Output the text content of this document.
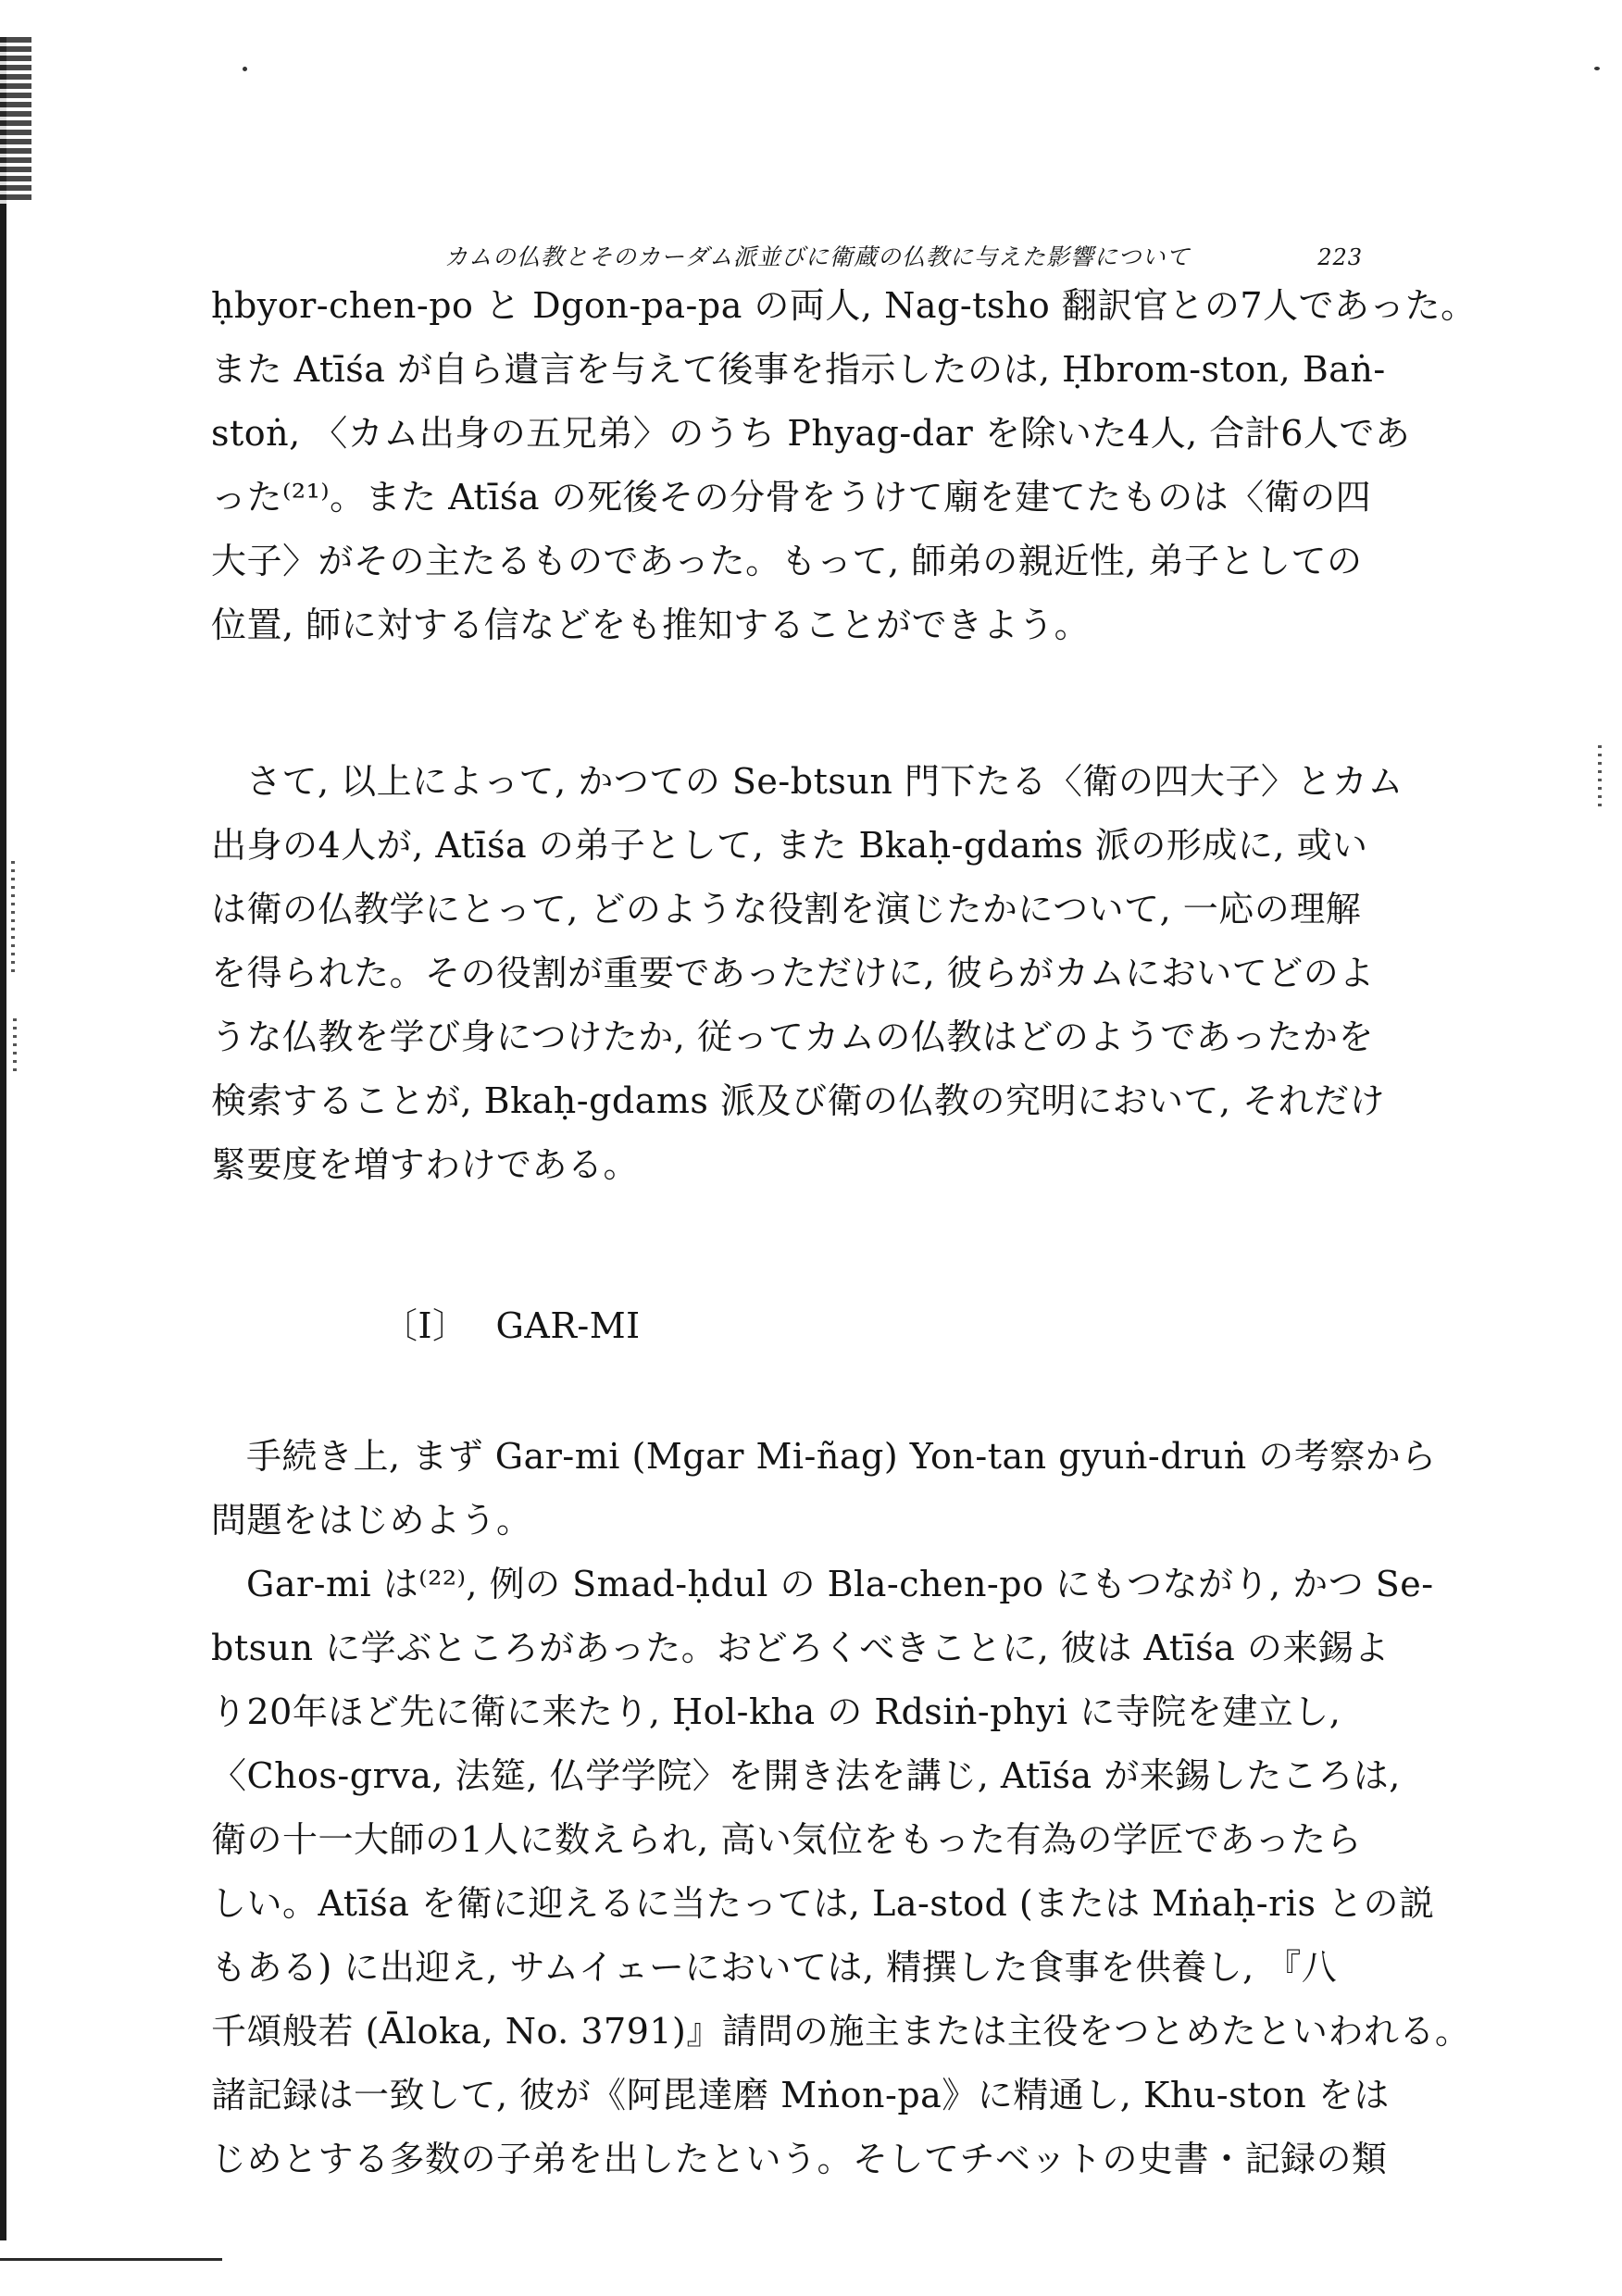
カムの仏教とそのカーダム派並びに衛蔵の仏教に与えた影響について	223

ḥbyor-chen-po と Dgon-pa-pa の両人, Nag-tsho 翻訳官との7人であった。

また Atīśa が自ら遺言を与えて後事を指示したのは, Ḥbrom-ston, Baṅ-

stoṅ, 〈カム出身の五兄弟〉のうち Phyag-dar を除いた4人, 合計6人であ

った⁽²¹⁾。また Atīśa の死後その分骨をうけて廟を建てたものは〈衛の四

大子〉がその主たるものであった。もって, 師弟の親近性, 弟子としての

位置, 師に対する信などをも推知することができよう。

さて, 以上によって, かつての Se-btsun 門下たる〈衛の四大子〉とカム

出身の4人が, Atīśa の弟子として, また Bkaḥ-gdaṁs 派の形成に, 或い

は衛の仏教学にとって, どのような役割を演じたかについて, 一応の理解

を得られた。その役割が重要であっただけに, 彼らがカムにおいてどのよ

うな仏教を学び身につけたか, 従ってカムの仏教はどのようであったかを

検索することが, Bkaḥ-gdams 派及び衛の仏教の究明において, それだけ

緊要度を増すわけである。

〔I〕 GAR-MI

手続き上, まず Gar-mi (Mgar Mi-ñag) Yon-tan gyuṅ-druṅ の考察から

問題をはじめよう。

Gar-mi は⁽²²⁾, 例の Smad-ḥdul の Bla-chen-po にもつながり, かつ Se-

btsun に学ぶところがあった。おどろくべきことに, 彼は Atīśa の来錫よ

り20年ほど先に衛に来たり, Ḥol-kha の Rdsiṅ-phyi に寺院を建立し,

〈Chos-grva, 法筵, 仏学学院〉を開き法を講じ, Atīśa が来錫したころは,

衛の十一大師の1人に数えられ, 高い気位をもった有為の学匠であったら

しい。Atīśa を衛に迎えるに当たっては, La-stod (または Mṅaḥ-ris との説

もある) に出迎え, サムイェーにおいては, 精撰した食事を供養し, 『八

千頌般若 (Āloka, No. 3791)』請問の施主または主役をつとめたといわれる。

諸記録は一致して, 彼が《阿毘達磨 Mṅon-pa》に精通し, Khu-ston をは

じめとする多数の子弟を出したという。そしてチベットの史書・記録の類
